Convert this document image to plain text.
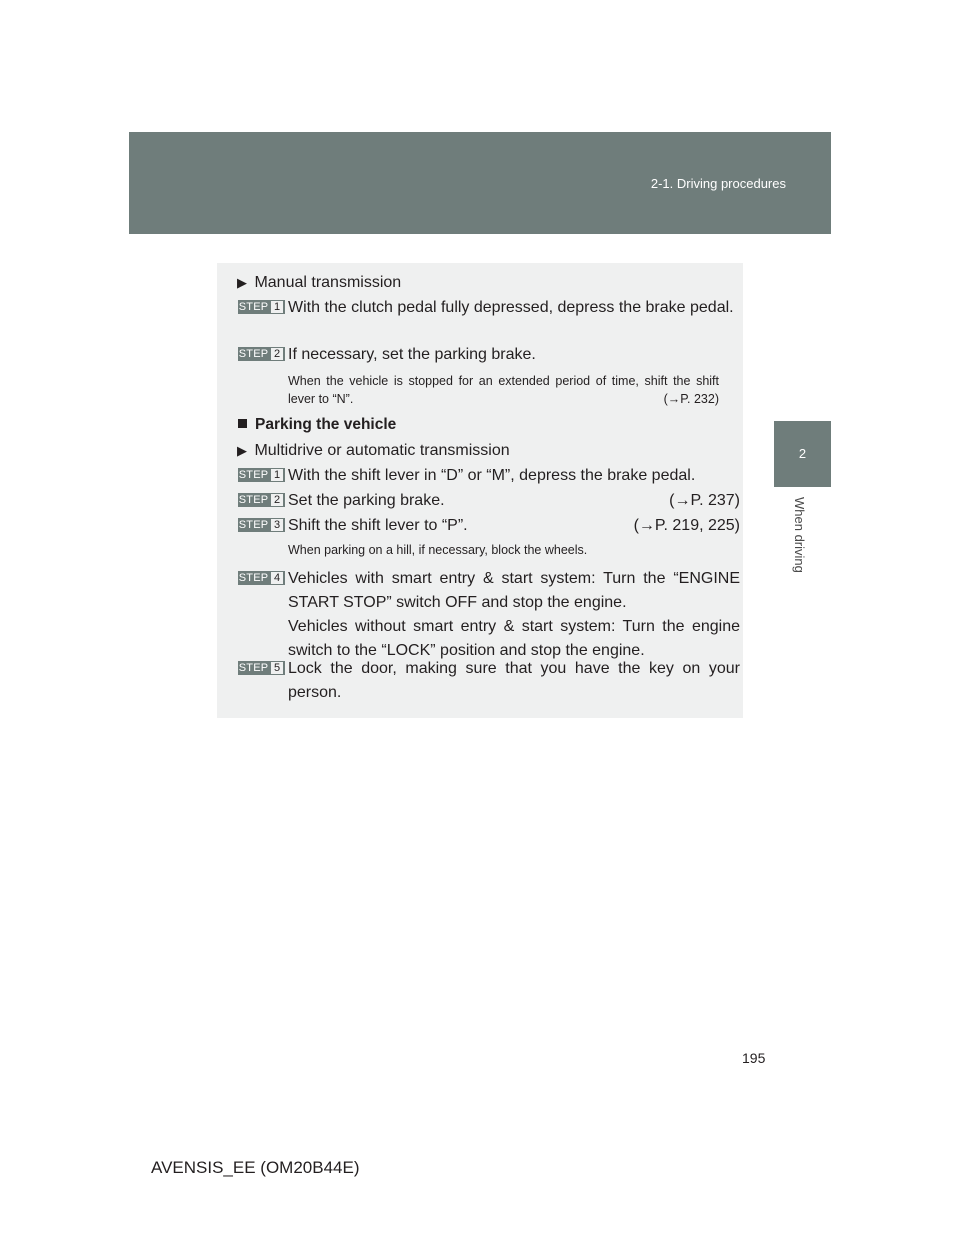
2-1. Driving procedures
2
When driving
▶ Manual transmission
STEP 1 With the clutch pedal fully depressed, depress the brake pedal.
STEP 2 If necessary, set the parking brake.
When the vehicle is stopped for an extended period of time, shift the shift lever to “N”.	(→P. 232)
Parking the vehicle
▶ Multidrive or automatic transmission
STEP 1 With the shift lever in “D” or “M”, depress the brake pedal.
STEP 2 Set the parking brake.	(→P. 237)
STEP 3 Shift the shift lever to “P”.	(→P. 219, 225)
When parking on a hill, if necessary, block the wheels.
STEP 4 Vehicles with smart entry & start system: Turn the “ENGINE START STOP” switch OFF and stop the engine.
Vehicles without smart entry & start system: Turn the engine switch to the “LOCK” position and stop the engine.
STEP 5 Lock the door, making sure that you have the key on your person.
195
AVENSIS_EE (OM20B44E)
